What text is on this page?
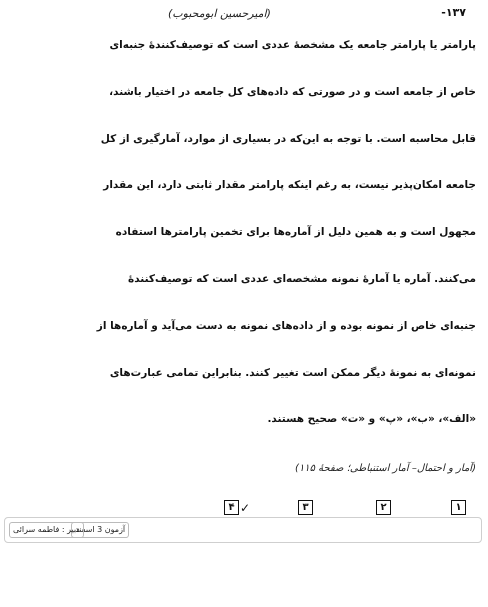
-۱۳۷
(امیرحسین ابومحبوب)
پارامتر یا پارامتر جامعه یک مشخصهٔ عددی است که توصیف‌کنندهٔ جنبه‌ای
خاص از جامعه است و در صورتی که داده‌های کل جامعه در اختیار باشند،
قابل محاسبه است. با توجه به این‌که در بسیاری از موارد، آمارگیری از کل
جامعه امکان‌پذیر نیست، به رغم اینکه پارامتر مقدار ثابتی دارد، این مقدار
مجهول است و به همین دلیل از آماره‌ها برای تخمین پارامترها استفاده
می‌کنند. آماره یا آمارهٔ نمونه مشخصه‌ای عددی است که توصیف‌کننده‌ٔ
جنبه‌ای خاص از نمونه بوده و از داده‌های نمونه به دست می‌آید و آماره‌ها از
نمونه‌ای به نمونهٔ دیگر ممکن است تغییر کنند. بنابراین تمامی عبارت‌های
«الف»، «ب»، «پ» و «ت» صحیح هستند.
(آمار و احتمال– آمار استنباطی؛ صفحهٔ ۱۱۵)
۴ ✓	۳	۲	۱
آزمون 3 اسفند
دبیر : فاطمه سرائی
